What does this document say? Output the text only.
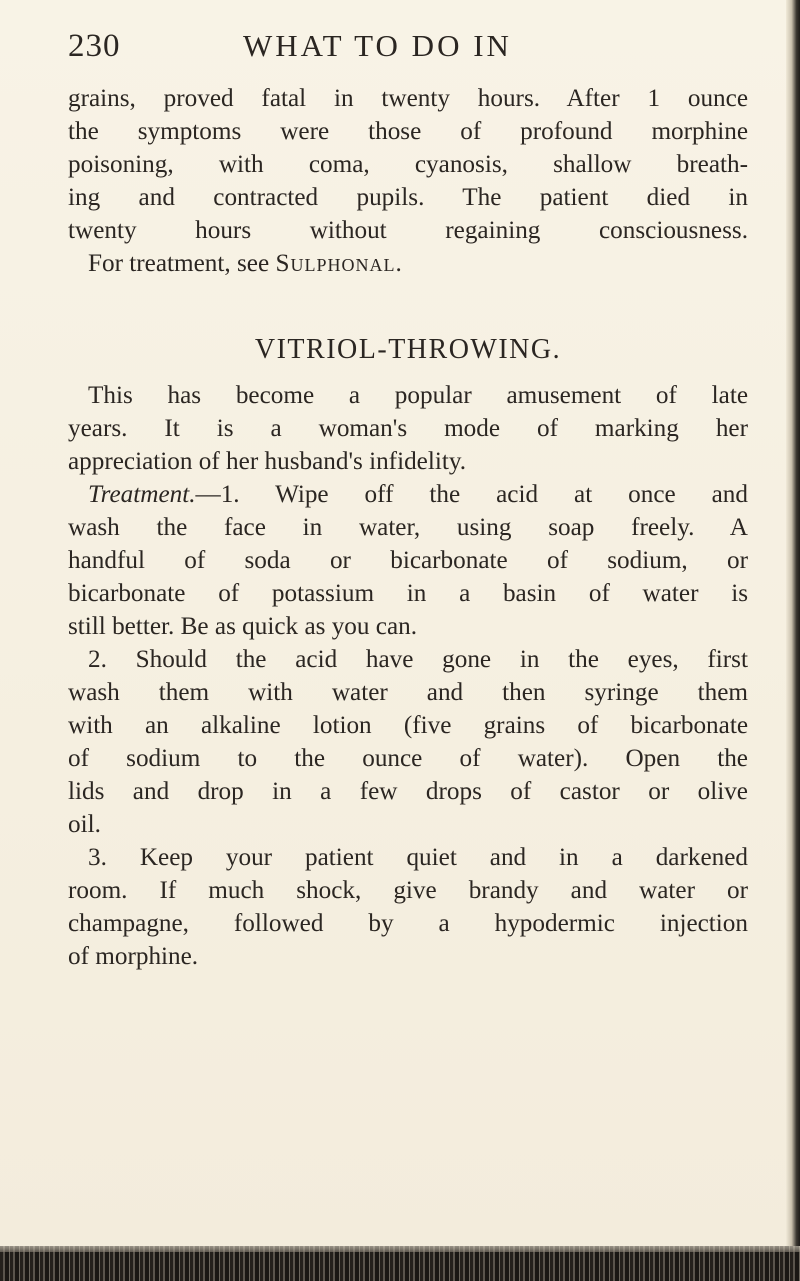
230	WHAT TO DO IN
grains, proved fatal in twenty hours. After 1 ounce
the symptoms were those of profound morphine
poisoning, with coma, cyanosis, shallow breath-
ing and contracted pupils. The patient died in
twenty hours without regaining consciousness.
For treatment, see Sulphonal.
VITRIOL-THROWING.
This has become a popular amusement of late
years. It is a woman's mode of marking her
appreciation of her husband's infidelity.
Treatment.—1. Wipe off the acid at once and
wash the face in water, using soap freely. A
handful of soda or bicarbonate of sodium, or
bicarbonate of potassium in a basin of water is
still better. Be as quick as you can.
2. Should the acid have gone in the eyes, first
wash them with water and then syringe them
with an alkaline lotion (five grains of bicarbonate
of sodium to the ounce of water). Open the
lids and drop in a few drops of castor or olive
oil.
3. Keep your patient quiet and in a darkened
room. If much shock, give brandy and water or
champagne, followed by a hypodermic injection
of morphine.
